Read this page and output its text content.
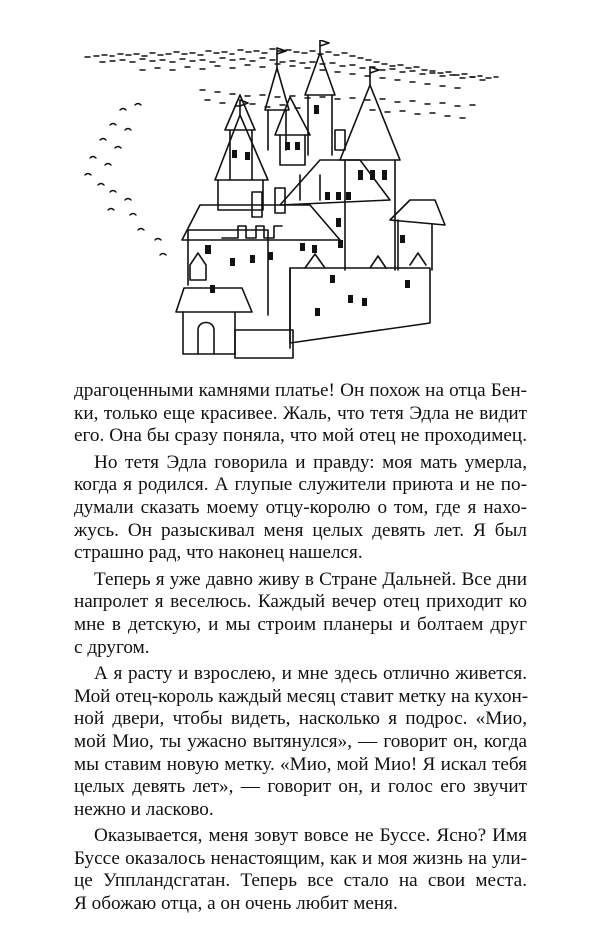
драгоценными камнями платье! Он похож на отца Бен-
ки, только еще красивее. Жаль, что тетя Эдла не видит
его. Она бы сразу поняла, что мой отец не проходимец.
Но тетя Эдла говорила и правду: моя мать умерла,
когда я родился. А глупые служители приюта и не по-
думали сказать моему отцу-королю о том, где я нахо-
жусь. Он разыскивал меня целых девять лет. Я был
страшно рад, что наконец нашелся.
Теперь я уже давно живу в Стране Дальней. Все дни
напролет я веселюсь. Каждый вечер отец приходит ко
мне в детскую, и мы строим планеры и болтаем друг
с другом.
А я расту и взрослею, и мне здесь отлично живется.
Мой отец-король каждый месяц ставит метку на кухон-
ной двери, чтобы видеть, насколько я подрос. «Мио,
мой Мио, ты ужасно вытянулся», — говорит он, когда
мы ставим новую метку. «Мио, мой Мио! Я искал тебя
целых девять лет», — говорит он, и голос его звучит
нежно и ласково.
Оказывается, меня зовут вовсе не Буссе. Ясно? Имя
Буссе оказалось ненастоящим, как и моя жизнь на ули-
це Уппландсгатан. Теперь все стало на свои места.
Я обожаю отца, а он очень любит меня.
